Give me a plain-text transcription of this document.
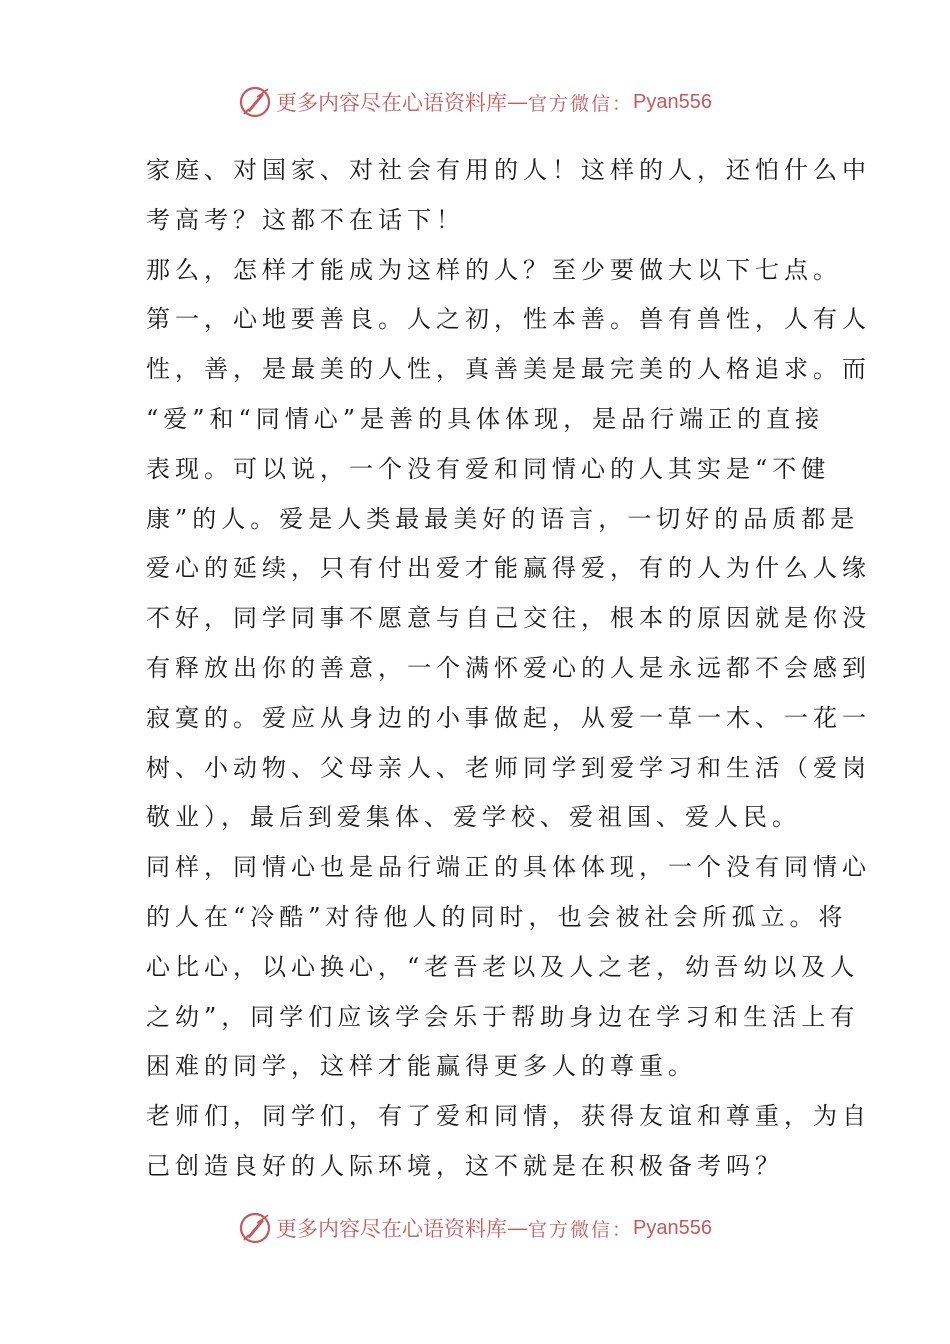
更多内容尽在心语资料库 — 官方微信： Pyan556
家庭、对国家、对社会有用的人！这样的人，还怕什么中
考高考？这都不在话下！
那么，怎样才能成为这样的人？至少要做大以下七点。
第一，心地要善良。人之初，性本善。兽有兽性，人有人
性，善，是最美的人性，真善美是最完美的人格追求。而
“爱”和“同情心”是善的具体体现，是品行端正的直接
表现。可以说，一个没有爱和同情心的人其实是“不健
康”的人。爱是人类最最美好的语言，一切好的品质都是
爱心的延续，只有付出爱才能赢得爱，有的人为什么人缘
不好，同学同事不愿意与自己交往，根本的原因就是你没
有释放出你的善意，一个满怀爱心的人是永远都不会感到
寂寞的。爱应从身边的小事做起，从爱一草一木、一花一
树、小动物、父母亲人、老师同学到爱学习和生活（爱岗
敬业），最后到爱集体、爱学校、爱祖国、爱人民。
同样，同情心也是品行端正的具体体现，一个没有同情心
的人在“冷酷”对待他人的同时，也会被社会所孤立。将
心比心，以心换心，“老吾老以及人之老，幼吾幼以及人
之幼”，同学们应该学会乐于帮助身边在学习和生活上有
困难的同学，这样才能赢得更多人的尊重。
老师们，同学们，有了爱和同情，获得友谊和尊重，为自
己创造良好的人际环境，这不就是在积极备考吗？
更多内容尽在心语资料库 — 官方微信： Pyan556
